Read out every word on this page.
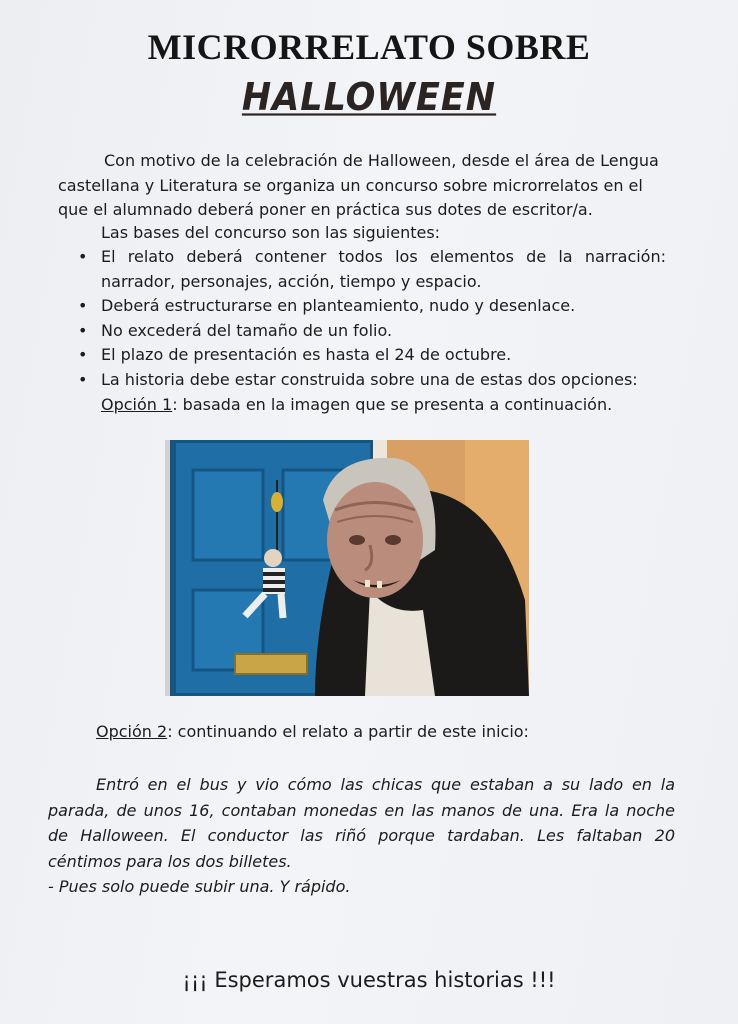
MICRORRELATO SOBRE
HALLOWEEN
Con motivo de la celebración de Halloween, desde el área de Lengua
castellana y Literatura se organiza un concurso sobre microrrelatos en el
que el alumnado deberá poner en práctica sus dotes de escritor/a.
Las bases del concurso son las siguientes:
• El relato deberá contener todos los elementos de la narración:
narrador, personajes, acción, tiempo y espacio.
• Deberá estructurarse en planteamiento, nudo y desenlace.
• No excederá del tamaño de un folio.
• El plazo de presentación es hasta el 24 de octubre.
• La historia debe estar construida sobre una de estas dos opciones:
Opción 1: basada en la imagen que se presenta a continuación.
Opción 2: continuando el relato a partir de este inicio:
Entró en el bus y vio cómo las chicas que estaban a su lado en la
parada, de unos 16, contaban monedas en las manos de una. Era la noche
de Halloween. El conductor las riñó porque tardaban. Les faltaban 20
céntimos para los dos billetes.
- Pues solo puede subir una. Y rápido.
¡¡¡ Esperamos vuestras historias !!!
